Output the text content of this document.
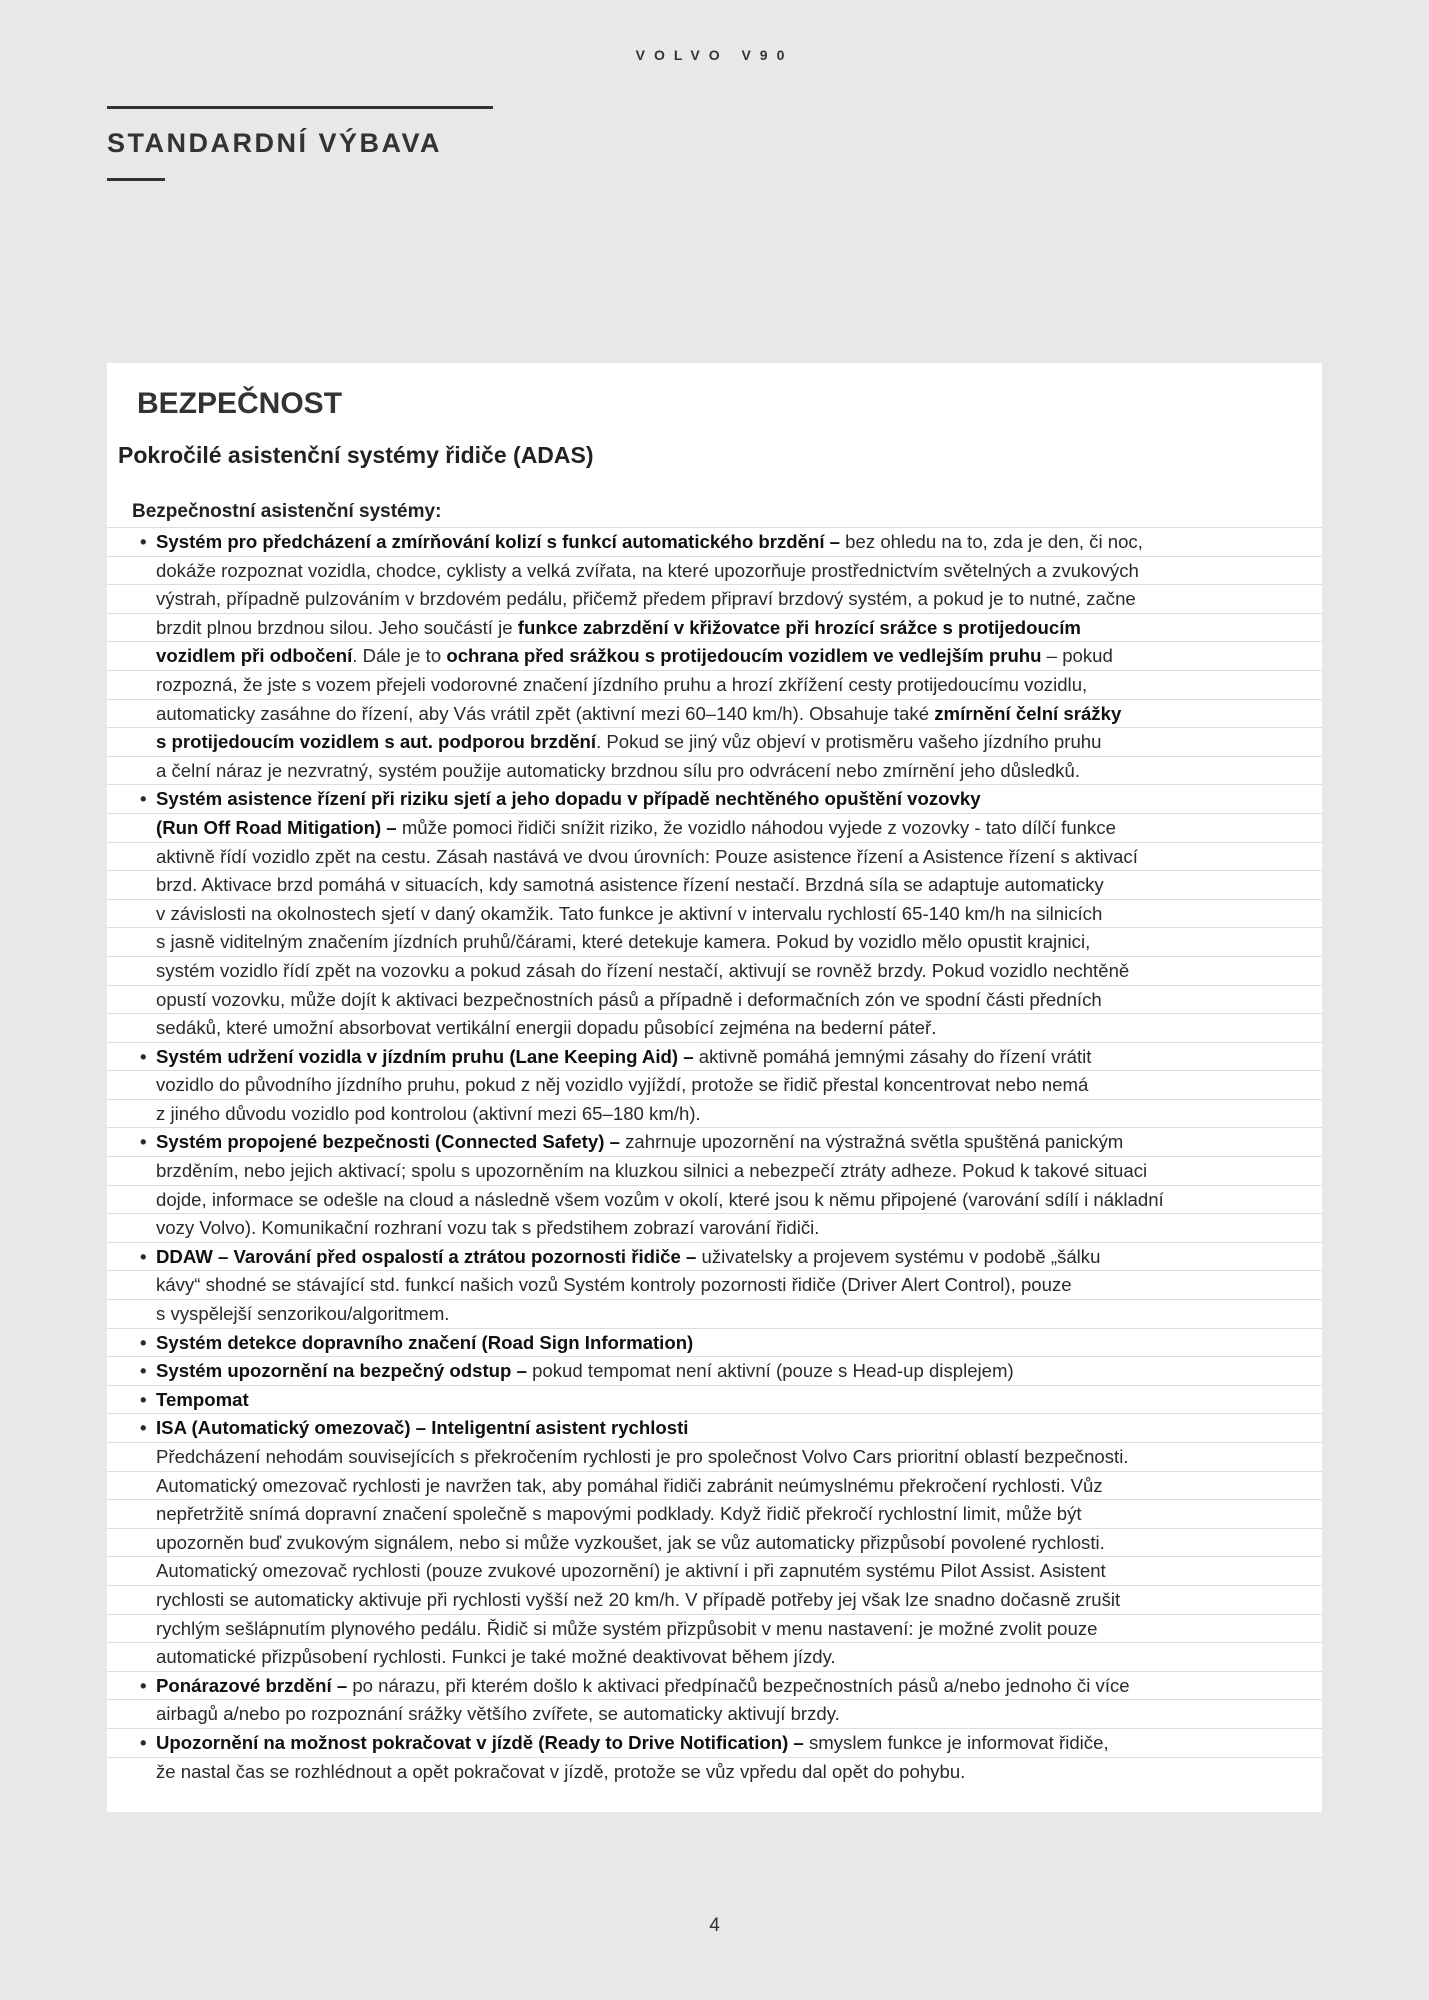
VOLVO V90
STANDARDNÍ VÝBAVA
BEZPEČNOST
Pokročilé asistenční systémy řidiče (ADAS)
Bezpečnostní asistenční systémy:
• Systém pro předcházení a zmírňování kolizí s funkcí automatického brzdění – bez ohledu na to, zda je den, či noc,
dokáže rozpoznat vozidla, chodce, cyklisty a velká zvířata, na které upozorňuje prostřednictvím světelných a zvukových
výstrah, případně pulzováním v brzdovém pedálu, přičemž předem připraví brzdový systém, a pokud je to nutné, začne
brzdit plnou brzdnou silou. Jeho součástí je funkce zabrzdění v křižovatce při hrozící srážce s protijedoucím
vozidlem při odbočení. Dále je to ochrana před srážkou s protijedoucím vozidlem ve vedlejším pruhu – pokud
rozpozná, že jste s vozem přejeli vodorovné značení jízdního pruhu a hrozí zkřížení cesty protijedoucímu vozidlu,
automaticky zasáhne do řízení, aby Vás vrátil zpět (aktivní mezi 60–140 km/h). Obsahuje také zmírnění čelní srážky
s protijedoucím vozidlem s aut. podporou brzdění. Pokud se jiný vůz objeví v protisměru vašeho jízdního pruhu
a čelní náraz je nezvratný, systém použije automaticky brzdnou sílu pro odvrácení nebo zmírnění jeho důsledků.
• Systém asistence řízení při riziku sjetí a jeho dopadu v případě nechtěného opuštění vozovky
(Run Off Road Mitigation) – může pomoci řidiči snížit riziko, že vozidlo náhodou vyjede z vozovky - tato dílčí funkce
aktivně řídí vozidlo zpět na cestu. Zásah nastává ve dvou úrovních: Pouze asistence řízení a Asistence řízení s aktivací
brzd. Aktivace brzd pomáhá v situacích, kdy samotná asistence řízení nestačí. Brzdná síla se adaptuje automaticky
v závislosti na okolnostech sjetí v daný okamžik. Tato funkce je aktivní v intervalu rychlostí 65-140 km/h na silnicích
s jasně viditelným značením jízdních pruhů/čárami, které detekuje kamera. Pokud by vozidlo mělo opustit krajnici,
systém vozidlo řídí zpět na vozovku a pokud zásah do řízení nestačí, aktivují se rovněž brzdy. Pokud vozidlo nechtěně
opustí vozovku, může dojít k aktivaci bezpečnostních pásů a případně i deformačních zón ve spodní části předních
sedáků, které umožní absorbovat vertikální energii dopadu působící zejména na bederní páteř.
• Systém udržení vozidla v jízdním pruhu (Lane Keeping Aid) – aktivně pomáhá jemnými zásahy do řízení vrátit
vozidlo do původního jízdního pruhu, pokud z něj vozidlo vyjíždí, protože se řidič přestal koncentrovat nebo nemá
z jiného důvodu vozidlo pod kontrolou (aktivní mezi 65–180 km/h).
• Systém propojené bezpečnosti (Connected Safety) – zahrnuje upozornění na výstražná světla spuštěná panickým
brzděním, nebo jejich aktivací; spolu s upozorněním na kluzkou silnici a nebezpečí ztráty adheze. Pokud k takové situaci
dojde, informace se odešle na cloud a následně všem vozům v okolí, které jsou k němu připojené (varování sdílí i nákladní
vozy Volvo). Komunikační rozhraní vozu tak s předstihem zobrazí varování řidiči.
• DDAW – Varování před ospalostí a ztrátou pozornosti řidiče – uživatelsky a projevem systému v podobě „šálku
kávy“ shodné se stávající std. funkcí našich vozů Systém kontroly pozornosti řidiče (Driver Alert Control), pouze
s vyspělejší senzorikou/algoritmem.
• Systém detekce dopravního značení (Road Sign Information)
• Systém upozornění na bezpečný odstup – pokud tempomat není aktivní (pouze s Head-up displejem)
• Tempomat
• ISA (Automatický omezovač) – Inteligentní asistent rychlosti
Předcházení nehodám souvisejících s překročením rychlosti je pro společnost Volvo Cars prioritní oblastí bezpečnosti.
Automatický omezovač rychlosti je navržen tak, aby pomáhal řidiči zabránit neúmyslnému překročení rychlosti. Vůz
nepřetržitě snímá dopravní značení společně s mapovými podklady. Když řidič překročí rychlostní limit, může být
upozorněn buď zvukovým signálem, nebo si může vyzkoušet, jak se vůz automaticky přizpůsobí povolené rychlosti.
Automatický omezovač rychlosti (pouze zvukové upozornění) je aktivní i při zapnutém systému Pilot Assist. Asistent
rychlosti se automaticky aktivuje při rychlosti vyšší než 20 km/h. V případě potřeby jej však lze snadno dočasně zrušit
rychlým sešlápnutím plynového pedálu. Řidič si může systém přizpůsobit v menu nastavení: je možné zvolit pouze
automatické přizpůsobení rychlosti. Funkci je také možné deaktivovat během jízdy.
• Ponárazové brzdění – po nárazu, při kterém došlo k aktivaci předpínačů bezpečnostních pásů a/nebo jednoho či více
airbagů a/nebo po rozpoznání srážky většího zvířete, se automaticky aktivují brzdy.
• Upozornění na možnost pokračovat v jízdě (Ready to Drive Notification) – smyslem funkce je informovat řidiče,
že nastal čas se rozhlédnout a opět pokračovat v jízdě, protože se vůz vpředu dal opět do pohybu.
4
